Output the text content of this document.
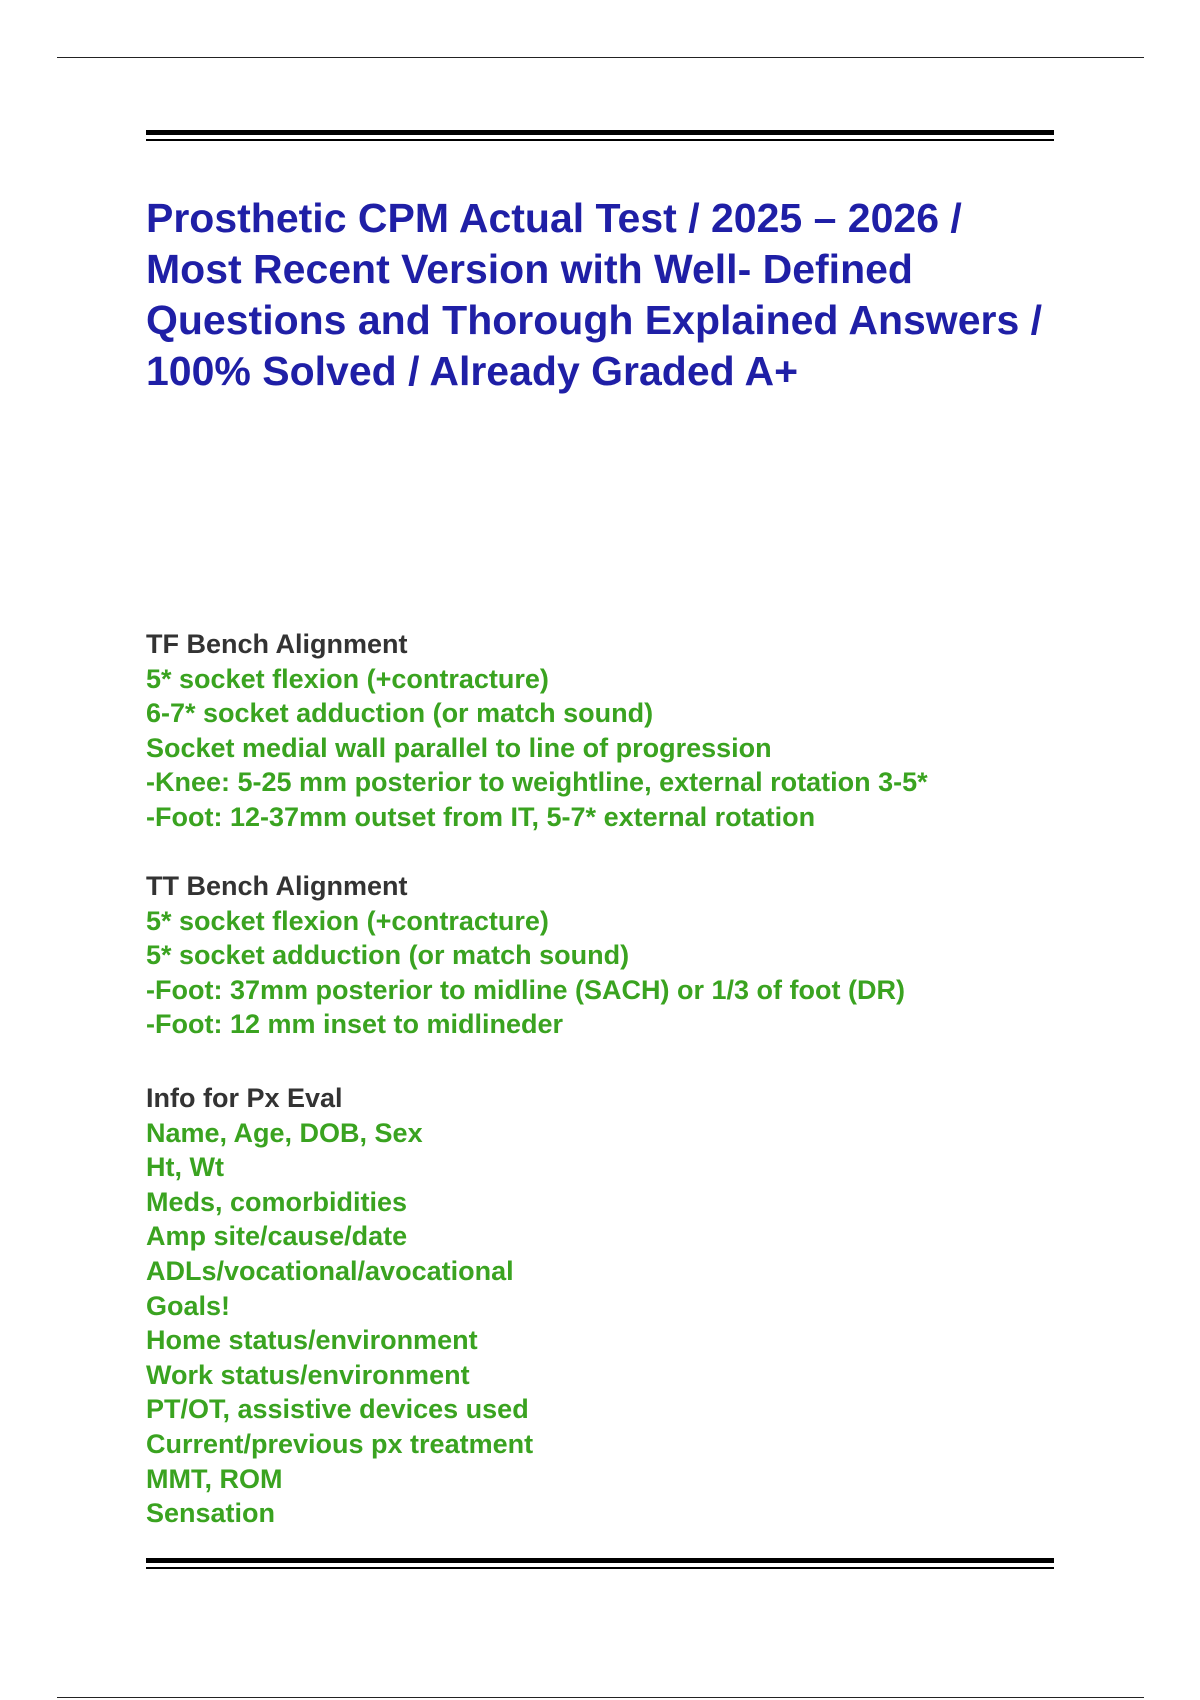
Prosthetic CPM Actual Test / 2025 – 2026 / Most Recent Version with Well- Defined Questions and Thorough Explained Answers / 100% Solved / Already Graded A+
TF Bench Alignment
5* socket flexion (+contracture)
6-7* socket adduction (or match sound)
Socket medial wall parallel to line of progression
-Knee: 5-25 mm posterior to weightline, external rotation 3-5*
-Foot: 12-37mm outset from IT, 5-7* external rotation
TT Bench Alignment
5* socket flexion (+contracture)
5* socket adduction (or match sound)
-Foot: 37mm posterior to midline (SACH) or 1/3 of foot (DR)
-Foot: 12 mm inset to midlineder
Info for Px Eval
Name, Age, DOB, Sex
Ht, Wt
Meds, comorbidities
Amp site/cause/date
ADLs/vocational/avocational
Goals!
Home status/environment
Work status/environment
PT/OT, assistive devices used
Current/previous px treatment
MMT, ROM
Sensation
